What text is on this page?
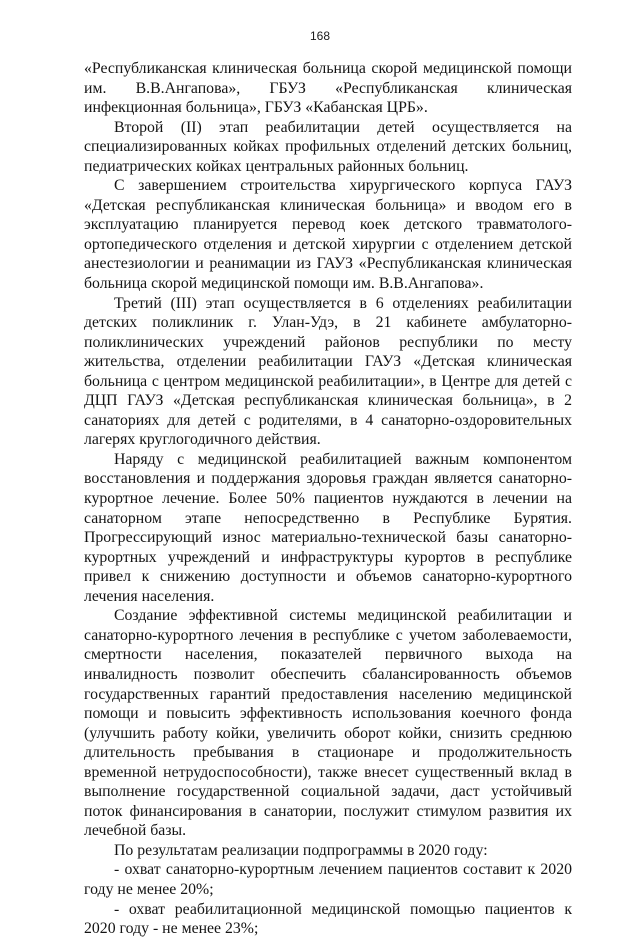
168

«Республиканская клиническая больница скорой медицинской помощи им. В.В.Ангапова», ГБУЗ «Республиканская клиническая инфекционная больница», ГБУЗ «Кабанская ЦРБ».

Второй (II) этап реабилитации детей осуществляется на специализированных койках профильных отделений детских больниц, педиатрических койках центральных районных больниц.

С завершением строительства хирургического корпуса ГАУЗ «Детская республиканская клиническая больница» и вводом его в эксплуатацию планируется перевод коек детского травматолого-ортопедического отделения и детской хирургии с отделением детской анестезиологии и реанимации из ГАУЗ «Республиканская клиническая больница скорой медицинской помощи им. В.В.Ангапова».

Третий (III) этап осуществляется в 6 отделениях реабилитации детских поликлиник г. Улан-Удэ, в 21 кабинете амбулаторно-поликлинических учреждений районов республики по месту жительства, отделении реабилитации ГАУЗ «Детская клиническая больница с центром медицинской реабилитации», в Центре для детей с ДЦП ГАУЗ «Детская республиканская клиническая больница», в 2 санаториях для детей с родителями, в 4 санаторно-оздоровительных лагерях круглогодичного действия.

Наряду с медицинской реабилитацией важным компонентом восстановления и поддержания здоровья граждан является санаторно-курортное лечение. Более 50% пациентов нуждаются в лечении на санаторном этапе непосредственно в Республике Бурятия. Прогрессирующий износ материально-технической базы санаторно-курортных учреждений и инфраструктуры курортов в республике привел к снижению доступности и объемов санаторно-курортного лечения населения.

Создание эффективной системы медицинской реабилитации и санаторно-курортного лечения в республике с учетом заболеваемости, смертности населения, показателей первичного выхода на инвалидность позволит обеспечить сбалансированность объемов государственных гарантий предоставления населению медицинской помощи и повысить эффективность использования коечного фонда (улучшить работу койки, увеличить оборот койки, снизить среднюю длительность пребывания в стационаре и продолжительность временной нетрудоспособности), также внесет существенный вклад в выполнение государственной социальной задачи, даст устойчивый поток финансирования в санатории, послужит стимулом развития их лечебной базы.

По результатам реализации подпрограммы в 2020 году:

- охват санаторно-курортным лечением пациентов составит к 2020 году не менее 20%;

- охват реабилитационной медицинской помощью пациентов к 2020 году - не менее 23%;
